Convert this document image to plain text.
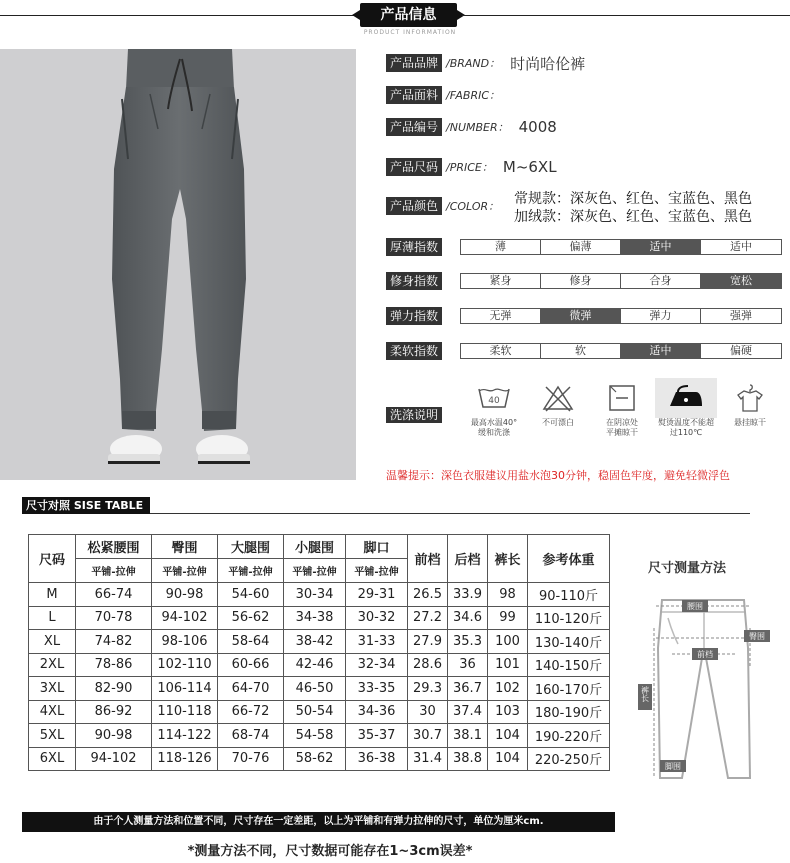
产品信息
PRODUCT INFORMATION
产品品牌 /BRAND： 时尚哈伦裤
产品面料 /FABRIC：
产品编号 /NUMBER： 4008
产品尺码 /PRICE： M~6XL
产品颜色 /COLOR： 常规款：深灰色、红色、宝蓝色、黑色
加绒款：深灰色、红色、宝蓝色、黑色
厚薄指数	薄	偏薄	适中	适中
修身指数	紧身	修身	合身	宽松
弹力指数	无弹	微弹	弹力	强弹
柔软指数	柔软	软	适中	偏硬
洗涤说明
40
最高水温40°
缓和洗涤
不可漂白	在阴凉处
平摊晾干
熨烫温度不能超
过110℃
悬挂晾干
温馨提示：深色衣服建议用盐水泡30分钟，稳固色牢度，避免轻微浮色
尺寸对照 SISE TABLE
尺码	松紧腰围	臀围	大腿围	小腿围	脚口	前档	后档	裤长	参考体重
	平铺-拉伸	平铺-拉伸	平铺-拉伸	平铺-拉伸	平铺-拉伸				
M	66-74	90-98	54-60	30-34	29-31	26.5	33.9	98	90-110斤
L	70-78	94-102	56-62	34-38	30-32	27.2	34.6	99	110-120斤
XL	74-82	98-106	58-64	38-42	31-33	27.9	35.3	100	130-140斤
2XL	78-86	102-110	60-66	42-46	32-34	28.6	36	101	140-150斤
3XL	82-90	106-114	64-70	46-50	33-35	29.3	36.7	102	160-170斤
4XL	86-92	110-118	66-72	50-54	34-36	30	37.4	103	180-190斤
5XL	90-98	114-122	68-74	54-58	35-37	30.7	38.1	104	190-220斤
6XL	94-102	118-126	70-76	58-62	36-38	31.4	38.8	104	220-250斤
尺寸测量方法
腰围
臀围
前档
裤长
脚围
由于个人测量方法和位置不同，尺寸存在一定差距，以上为平铺和有弹力拉伸的尺寸，单位为厘米cm.
*测量方法不同，尺寸数据可能存在1~3cm误差*
